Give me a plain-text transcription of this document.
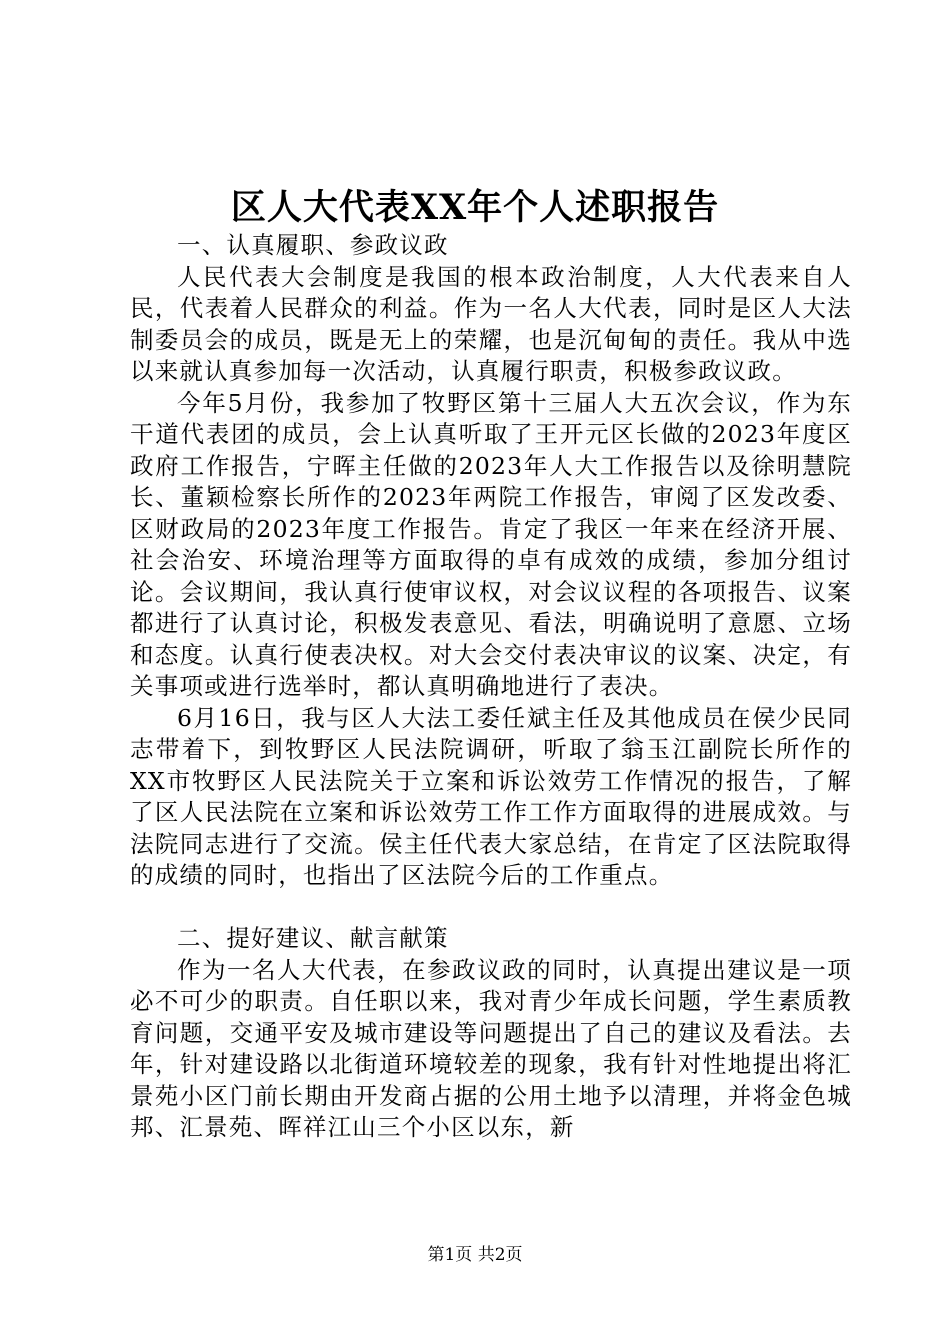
区人大代表XX年个人述职报告

一、认真履职、参政议政

人民代表大会制度是我国的根本政治制度，人大代表来自人民，代表着人民群众的利益。作为一名人大代表，同时是区人大法制委员会的成员，既是无上的荣耀，也是沉甸甸的责任。我从中选以来就认真参加每一次活动，认真履行职责，积极参政议政。

今年5月份，我参加了牧野区第十三届人大五次会议，作为东干道代表团的成员，会上认真听取了王开元区长做的2023年度区政府工作报告，宁晖主任做的2023年人大工作报告以及徐明慧院长、董颖检察长所作的2023年两院工作报告，审阅了区发改委、区财政局的2023年度工作报告。肯定了我区一年来在经济开展、社会治安、环境治理等方面取得的卓有成效的成绩，参加分组讨论。会议期间，我认真行使审议权，对会议议程的各项报告、议案都进行了认真讨论，积极发表意见、看法，明确说明了意愿、立场和态度。认真行使表决权。对大会交付表决审议的议案、决定，有关事项或进行选举时，都认真明确地进行了表决。

6月16日，我与区人大法工委任斌主任及其他成员在侯少民同志带着下，到牧野区人民法院调研，听取了翁玉江副院长所作的XX市牧野区人民法院关于立案和诉讼效劳工作情况的报告，了解了区人民法院在立案和诉讼效劳工作工作方面取得的进展成效。与法院同志进行了交流。侯主任代表大家总结，在肯定了区法院取得的成绩的同时，也指出了区法院今后的工作重点。

二、提好建议、献言献策

作为一名人大代表，在参政议政的同时，认真提出建议是一项必不可少的职责。自任职以来，我对青少年成长问题，学生素质教育问题，交通平安及城市建设等问题提出了自己的建议及看法。去年，针对建设路以北街道环境较差的现象，我有针对性地提出将汇景苑小区门前长期由开发商占据的公用土地予以清理，并将金色城邦、汇景苑、晖祥江山三个小区以东，新

第1页 共2页
